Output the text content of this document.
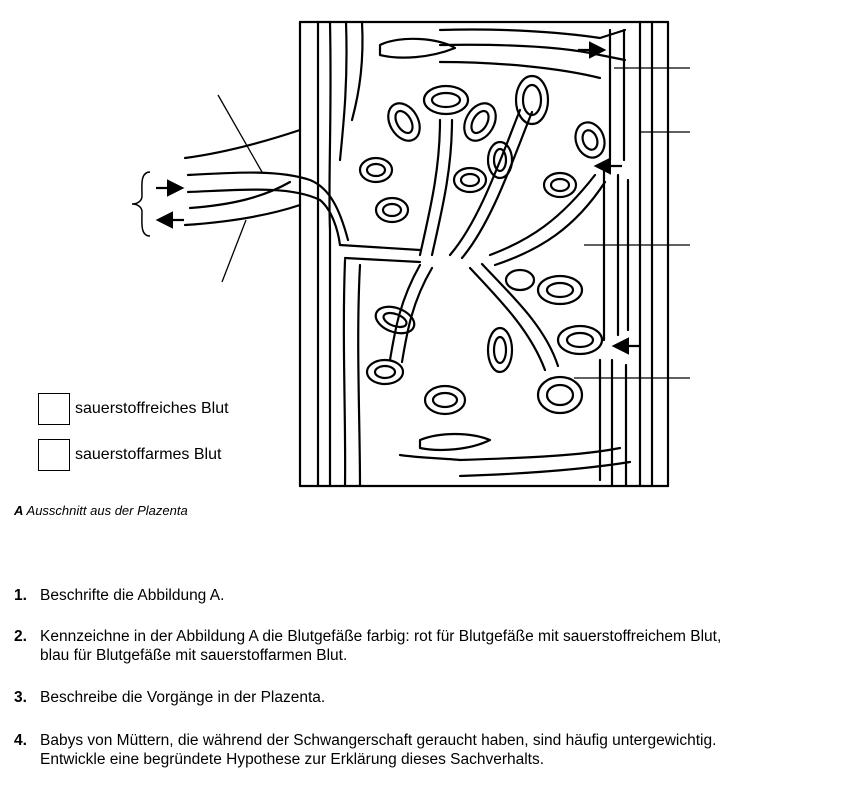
sauerstoffreiches Blut
sauerstoffarmes Blut
A Ausschnitt aus der Plazenta
1. Beschrifte die Abbildung A.
2. Kennzeichne in der Abbildung A die Blutgefäße farbig: rot für Blutgefäße mit sauerstoffreichem Blut,
blau für Blutgefäße mit sauerstoffarmen Blut.
3. Beschreibe die Vorgänge in der Plazenta.
4. Babys von Müttern, die während der Schwangerschaft geraucht haben, sind häufig untergewichtig.
Entwickle eine begründete Hypothese zur Erklärung dieses Sachverhalts.
